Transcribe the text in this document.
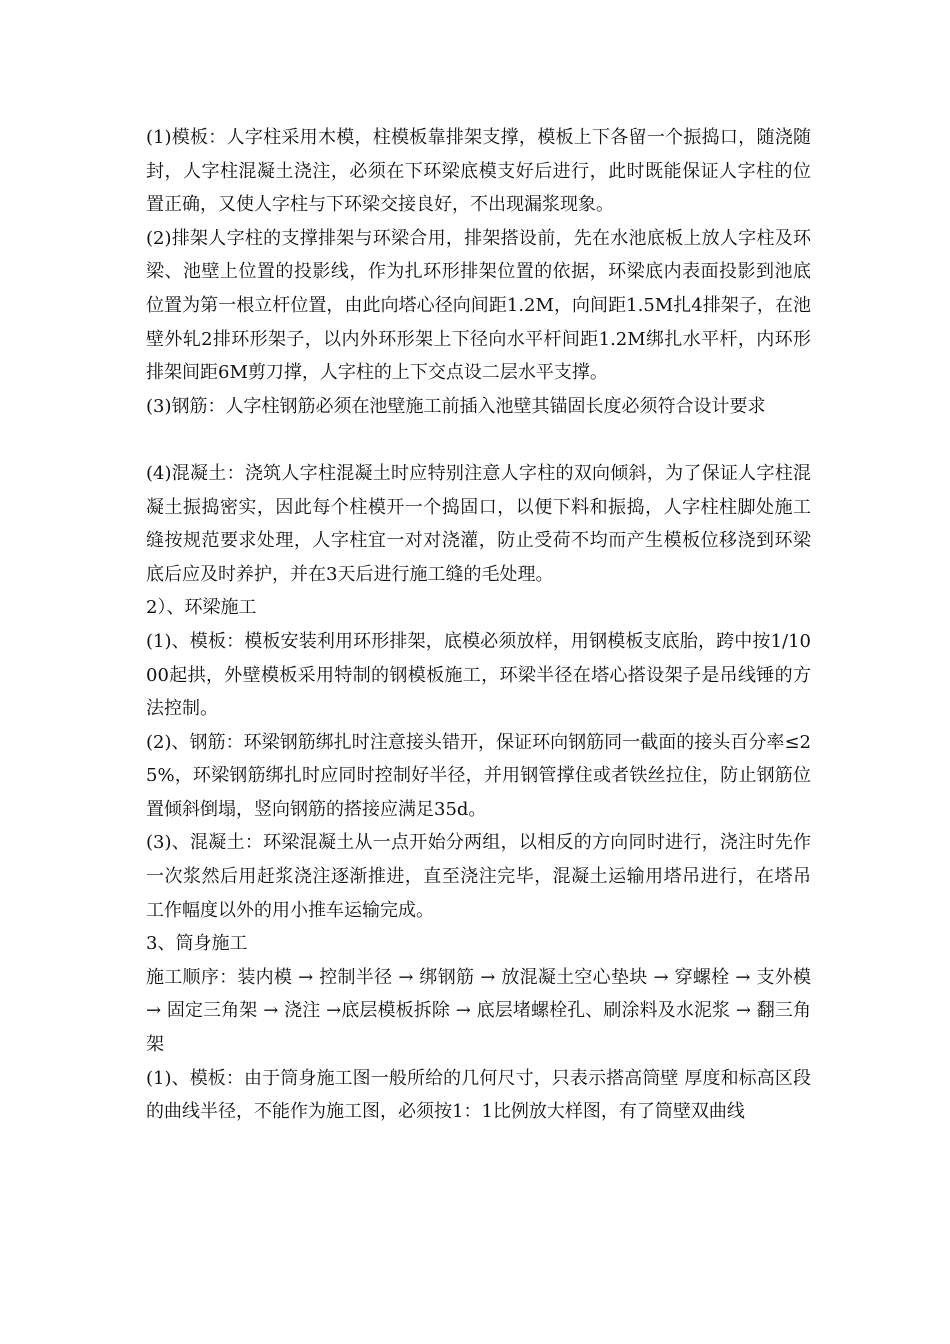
(1)模板：人字柱采用木模，柱模板靠排架支撑，模板上下各留一个振捣口，随浇随封，人字柱混凝土浇注，必须在下环梁底模支好后进行，此时既能保证人字柱的位置正确，又使人字柱与下环梁交接良好，不出现漏浆现象。

(2)排架人字柱的支撑排架与环梁合用，排架搭设前，先在水池底板上放人字柱及环梁、池壁上位置的投影线，作为扎环形排架位置的依据，环梁底内表面投影到池底位置为第一根立杆位置，由此向塔心径向间距1.2M，向间距1.5M扎4排架子，在池壁外轧2排环形架子，以内外环形架上下径向水平杆间距1.2M绑扎水平杆，内环形排架间距6M剪刀撑，人字柱的上下交点设二层水平支撑。

(3)钢筋：人字柱钢筋必须在池壁施工前插入池壁其锚固长度必须符合设计要求

(4)混凝土：浇筑人字柱混凝土时应特别注意人字柱的双向倾斜，为了保证人字柱混凝土振捣密实，因此每个柱模开一个捣固口，以便下料和振捣，人字柱柱脚处施工缝按规范要求处理，人字柱宜一对对浇灌，防止受荷不均而产生模板位移浇到环梁底后应及时养护，并在3天后进行施工缝的毛处理。

2）、环梁施工

(1)、模板：模板安装利用环形排架，底模必须放样，用钢模板支底胎，跨中按1/1000起拱，外壁模板采用特制的钢模板施工，环梁半径在塔心搭设架子是吊线锤的方法控制。

(2)、钢筋：环梁钢筋绑扎时注意接头错开，保证环向钢筋同一截面的接头百分率≤25%，环梁钢筋绑扎时应同时控制好半径，并用钢管撑住或者铁丝拉住，防止钢筋位置倾斜倒塌，竖向钢筋的搭接应满足35d。

(3)、混凝土：环梁混凝土从一点开始分两组，以相反的方向同时进行，浇注时先作一次浆然后用赶浆浇注逐渐推进，直至浇注完毕，混凝土运输用塔吊进行，在塔吊工作幅度以外的用小推车运输完成。

3、筒身施工

施工顺序：装内模 → 控制半径 → 绑钢筋 → 放混凝土空心垫块 → 穿螺栓 → 支外模 → 固定三角架 → 浇注 →底层模板拆除 → 底层堵螺栓孔、刷涂料及水泥浆 → 翻三角架

(1)、模板：由于筒身施工图一般所给的几何尺寸，只表示搭高筒壁 厚度和标高区段的曲线半径，不能作为施工图，必须按1：1比例放大样图，有了筒壁双曲线
